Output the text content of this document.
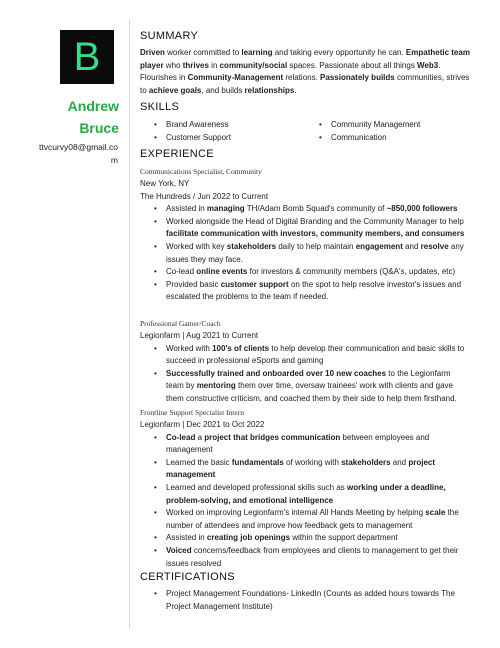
B
Andrew
Bruce
ttvcurvy08@gmail.com
SUMMARY
Driven worker committed to learning and taking every opportunity he can. Empathetic team player who thrives in community/social spaces. Passionate about all things Web3. Flourishes in Community-Management relations. Passionately builds communities, strives to achieve goals, and builds relationships.
SKILLS
• Brand Awareness
• Customer Support
• Community Management
• Communication
EXPERIENCE
Communications Specialist, Community
New York, NY
The Hundreds / Jun 2022 to Current
• Assisted in managing TH/Adam Bomb Squad's community of ~850,000 followers
• Worked alongside the Head of Digital Branding and the Community Manager to help facilitate communication with investors, community members, and consumers
• Worked with key stakeholders daily to help maintain engagement and resolve any issues they may face.
• Co-lead online events for investors & community members (Q&A's, updates, etc)
• Provided basic customer support on the spot to help resolve investor's issues and escalated the problems to the team if needed.
Professional Gamer/Coach
Legionfarm | Aug 2021 to Current
• Worked with 100's of clients to help develop their communication and basic skills to succeed in professional eSports and gaming
• Successfully trained and onboarded over 10 new coaches to the Legionfarm team by mentoring them over time, oversaw trainees' work with clients and gave them constructive criticism, and coached them by their side to help them firsthand.
Frontline Support Specialist Intern
Legionfarm | Dec 2021 to Oct 2022
• Co-lead a project that bridges communication between employees and management
• Learned the basic fundamentals of working with stakeholders and project management
• Learned and developed professional skills such as working under a deadline, problem-solving, and emotional intelligence
• Worked on improving Legionfarm's internal All Hands Meeting by helping scale the number of attendees and improve how feedback gets to management
• Assisted in creating job openings within the support department
• Voiced concerns/feedback from employees and clients to management to get their issues resolved
CERTIFICATIONS
• Project Management Foundations- LinkedIn (Counts as added hours towards The Project Management Institute)
